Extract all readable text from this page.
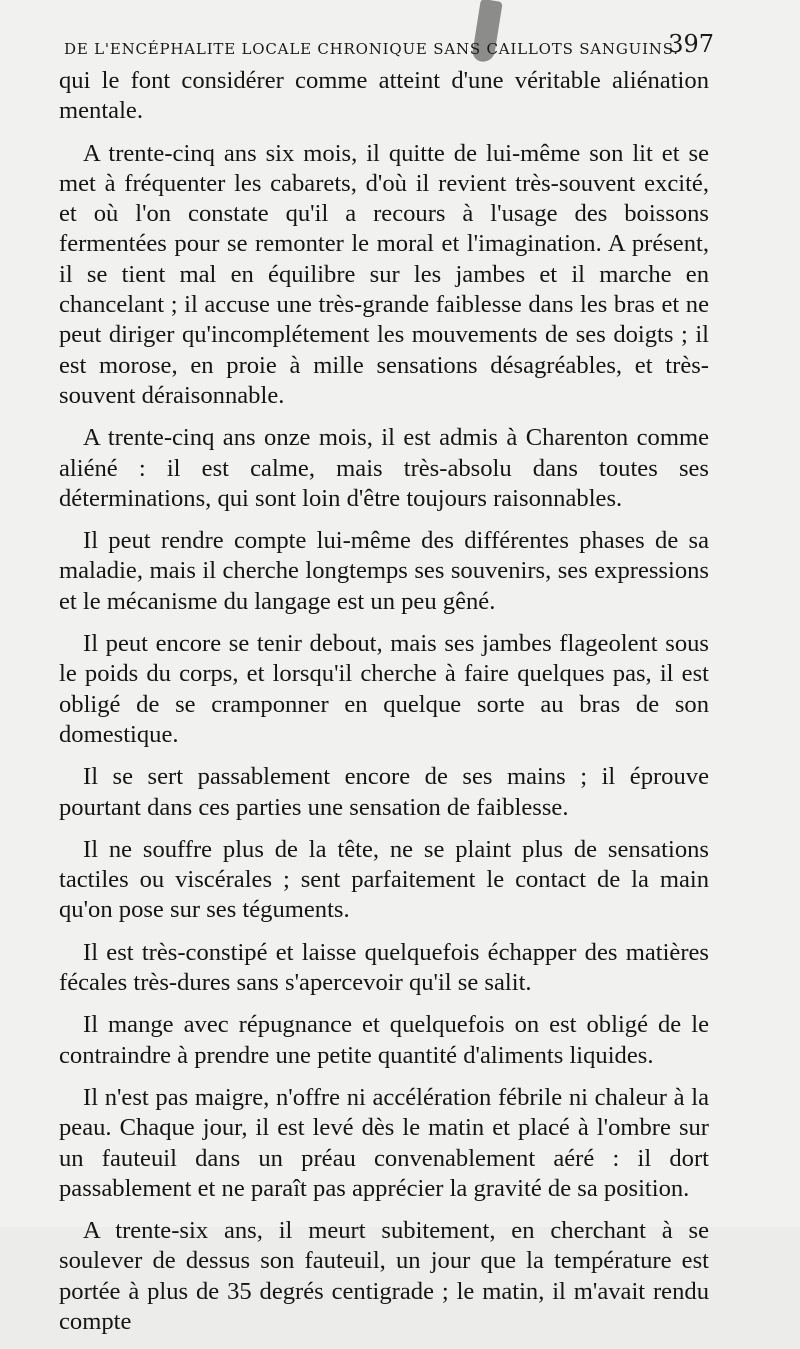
DE L'ENCÉPHALITE LOCALE CHRONIQUE SANS CAILLOTS SANGUINS.
397

qui le font considérer comme atteint d'une véritable aliénation mentale.

A trente-cinq ans six mois, il quitte de lui-même son lit et se met à fréquenter les cabarets, d'où il revient très-souvent excité, et où l'on constate qu'il a recours à l'usage des boissons fermentées pour se remonter le moral et l'imagination. A présent, il se tient mal en équilibre sur les jambes et il marche en chancelant ; il accuse une très-grande faiblesse dans les bras et ne peut diriger qu'incomplétement les mouvements de ses doigts ; il est morose, en proie à mille sensations désagréables, et très-souvent déraisonnable.

A trente-cinq ans onze mois, il est admis à Charenton comme aliéné : il est calme, mais très-absolu dans toutes ses déterminations, qui sont loin d'être toujours raisonnables.

Il peut rendre compte lui-même des différentes phases de sa maladie, mais il cherche longtemps ses souvenirs, ses expressions et le mécanisme du langage est un peu gêné.

Il peut encore se tenir debout, mais ses jambes flageolent sous le poids du corps, et lorsqu'il cherche à faire quelques pas, il est obligé de se cramponner en quelque sorte au bras de son domestique.

Il se sert passablement encore de ses mains ; il éprouve pourtant dans ces parties une sensation de faiblesse.

Il ne souffre plus de la tête, ne se plaint plus de sensations tactiles ou viscérales ; sent parfaitement le contact de la main qu'on pose sur ses téguments.

Il est très-constipé et laisse quelquefois échapper des matières fécales très-dures sans s'apercevoir qu'il se salit.

Il mange avec répugnance et quelquefois on est obligé de le contraindre à prendre une petite quantité d'aliments liquides.

Il n'est pas maigre, n'offre ni accélération fébrile ni chaleur à la peau. Chaque jour, il est levé dès le matin et placé à l'ombre sur un fauteuil dans un préau convenablement aéré : il dort passablement et ne paraît pas apprécier la gravité de sa position.

A trente-six ans, il meurt subitement, en cherchant à se soulever de dessus son fauteuil, un jour que la température est portée à plus de 35 degrés centigrade ; le matin, il m'avait rendu compte
